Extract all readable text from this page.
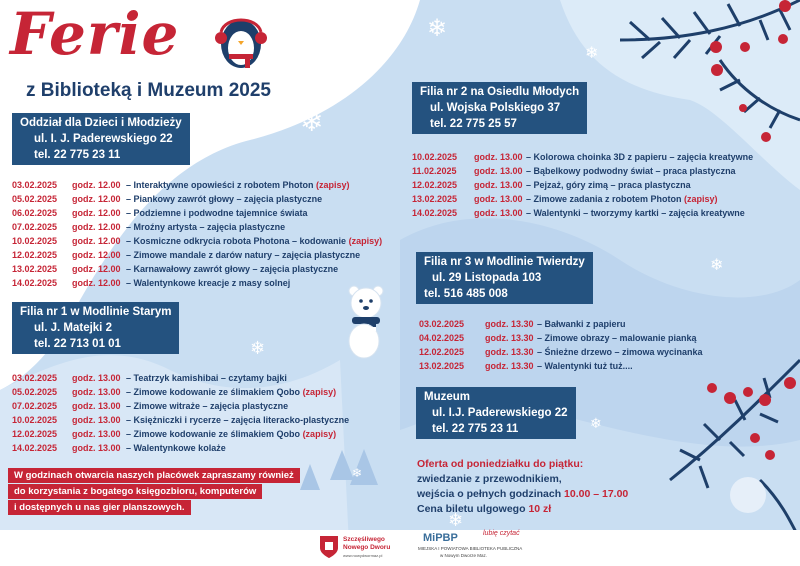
❄
❄
❄
❄
❄
❄
❄
❄
Ferie
z Biblioteką i Muzeum 2025
Oddział dla Dzieci i Młodzieży
ul. I. J. Paderewskiego 22
tel. 22 775 23 11
03.02.2025 godz. 12.00 – Interaktywne opowieści z robotem Photon (zapisy)
05.02.2025 godz. 12.00 – Piankowy zawrót głowy – zajęcia plastyczne
06.02.2025 godz. 12.00 – Podziemne i podwodne tajemnice świata
07.02.2025 godz. 12.00 – Mroźny artysta – zajęcia plastyczne
10.02.2025 godz. 12.00 – Kosmiczne odkrycia robota Photona – kodowanie (zapisy)
12.02.2025 godz. 12.00 – Zimowe mandale z darów natury – zajęcia plastyczne
13.02.2025 godz. 12.00 – Karnawałowy zawrót głowy – zajęcia plastyczne
14.02.2025 godz. 12.00 – Walentynkowe kreacje z masy solnej
Filia nr 1 w Modlinie Starym
ul. J. Matejki 2
tel. 22 713 01 01
03.02.2025 godz. 13.00 – Teatrzyk kamishibai – czytamy bajki
05.02.2025 godz. 13.00 – Zimowe kodowanie ze ślimakiem Qobo (zapisy)
07.02.2025 godz. 13.00 – Zimowe witraże – zajęcia plastyczne
10.02.2025 godz. 13.00 – Księżniczki i rycerze – zajęcia literacko-plastyczne
12.02.2025 godz. 13.00 – Zimowe kodowanie ze ślimakiem Qobo (zapisy)
14.02.2025 godz. 13.00 – Walentynkowe kolaże
Filia nr 2 na Osiedlu Młodych
ul. Wojska Polskiego 37
tel. 22 775 25 57
10.02.2025 godz. 13.00 – Kolorowa choinka 3D z papieru – zajęcia kreatywne
11.02.2025 godz. 13.00 – Bąbelkowy podwodny świat – praca plastyczna
12.02.2025 godz. 13.00 – Pejzaż, góry zimą – praca plastyczna
13.02.2025 godz. 13.00 – Zimowe zadania z robotem Photon (zapisy)
14.02.2025 godz. 13.00 – Walentynki – tworzymy kartki – zajęcia kreatywne
Filia nr 3 w Modlinie Twierdzy
ul. 29 Listopada 103
tel. 516 485 008
03.02.2025 godz. 13.30 – Bałwanki z papieru
04.02.2025 godz. 13.30 – Zimowe obrazy – malowanie pianką
12.02.2025 godz. 13.30 – Śnieżne drzewo – zimowa wycinanka
13.02.2025 godz. 13.30 – Walentynki tuż tuż....
Muzeum
ul. I.J. Paderewskiego 22
tel. 22 775 23 11
W godzinach otwarcia naszych placówek zapraszamy również
do korzystania z bogatego księgozbioru, komputerów
i dostępnych u nas gier planszowych.
Oferta od poniedziałku do piątku:
zwiedzanie z przewodnikiem,
wejścia o pełnych godzinach 10.00 – 17.00
Cena biletu ulgowego 10 zł
Szczęśliwego
Nowego Dworu
www.nowydwormaz.pl
MiPBP	lubię czytać
MIEJSKA I POWIATOWA BIBLIOTEKA PUBLICZNA
w Nowym Dworze Maz.
